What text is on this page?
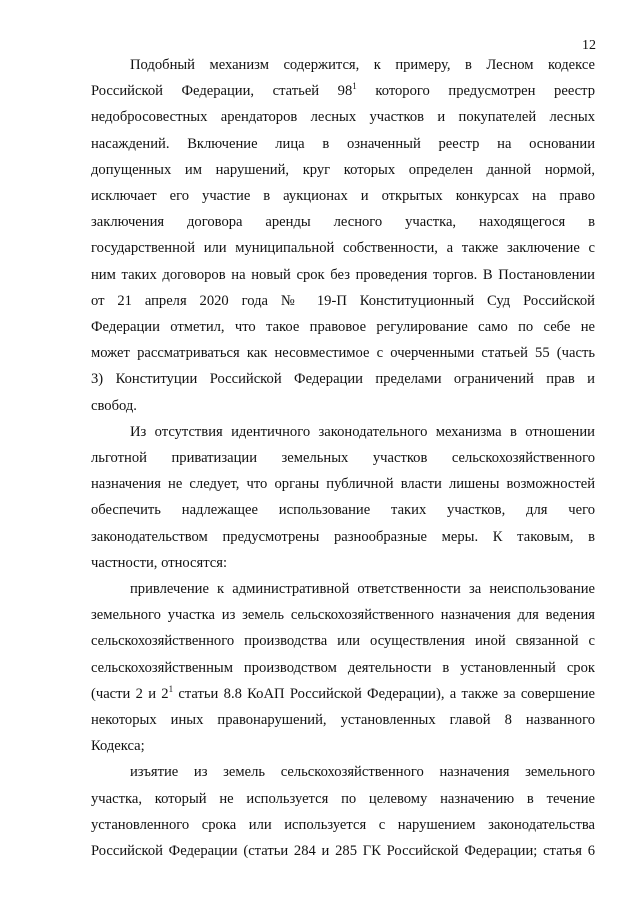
12
Подобный механизм содержится, к примеру, в Лесном кодексе
Российской Федерации, статьей $98^1$ которого предусмотрен реестр
недобросовестных арендаторов лесных участков и покупателей лесных
насаждений. Включение лица в означенный реестр на основании
допущенных им нарушений, круг которых определен данной нормой,
исключает его участие в аукционах и открытых конкурсах на право
заключения договора аренды лесного участка, находящегося в
государственной или муниципальной собственности, а также заключение с
ним таких договоров на новый срок без проведения торгов. В Постановлении
от 21 апреля 2020 года № 19-П Конституционный Суд Российской
Федерации отметил, что такое правовое регулирование само по себе не
может рассматриваться как несовместимое с очерченными статьей 55 (часть
3) Конституции Российской Федерации пределами ограничений прав и
свобод.
Из отсутствия идентичного законодательного механизма в отношении
льготной приватизации земельных участков сельскохозяйственного
назначения не следует, что органы публичной власти лишены возможностей
обеспечить надлежащее использование таких участков, для чего
законодательством предусмотрены разнообразные меры. К таковым, в
частности, относятся:
привлечение к административной ответственности за неиспользование
земельного участка из земель сельскохозяйственного назначения для ведения
сельскохозяйственного производства или осуществления иной связанной с
сельскохозяйственным производством деятельности в установленный срок
(части 2 и $2^1$ статьи 8.8 КоАП Российской Федерации), а также за совершение
некоторых иных правонарушений, установленных главой 8 названного
Кодекса;
изъятие из земель сельскохозяйственного назначения земельного
участка, который не используется по целевому назначению в течение
установленного срока или используется с нарушением законодательства
Российской Федерации (статьи 284 и 285 ГК Российской Федерации; статья 6
